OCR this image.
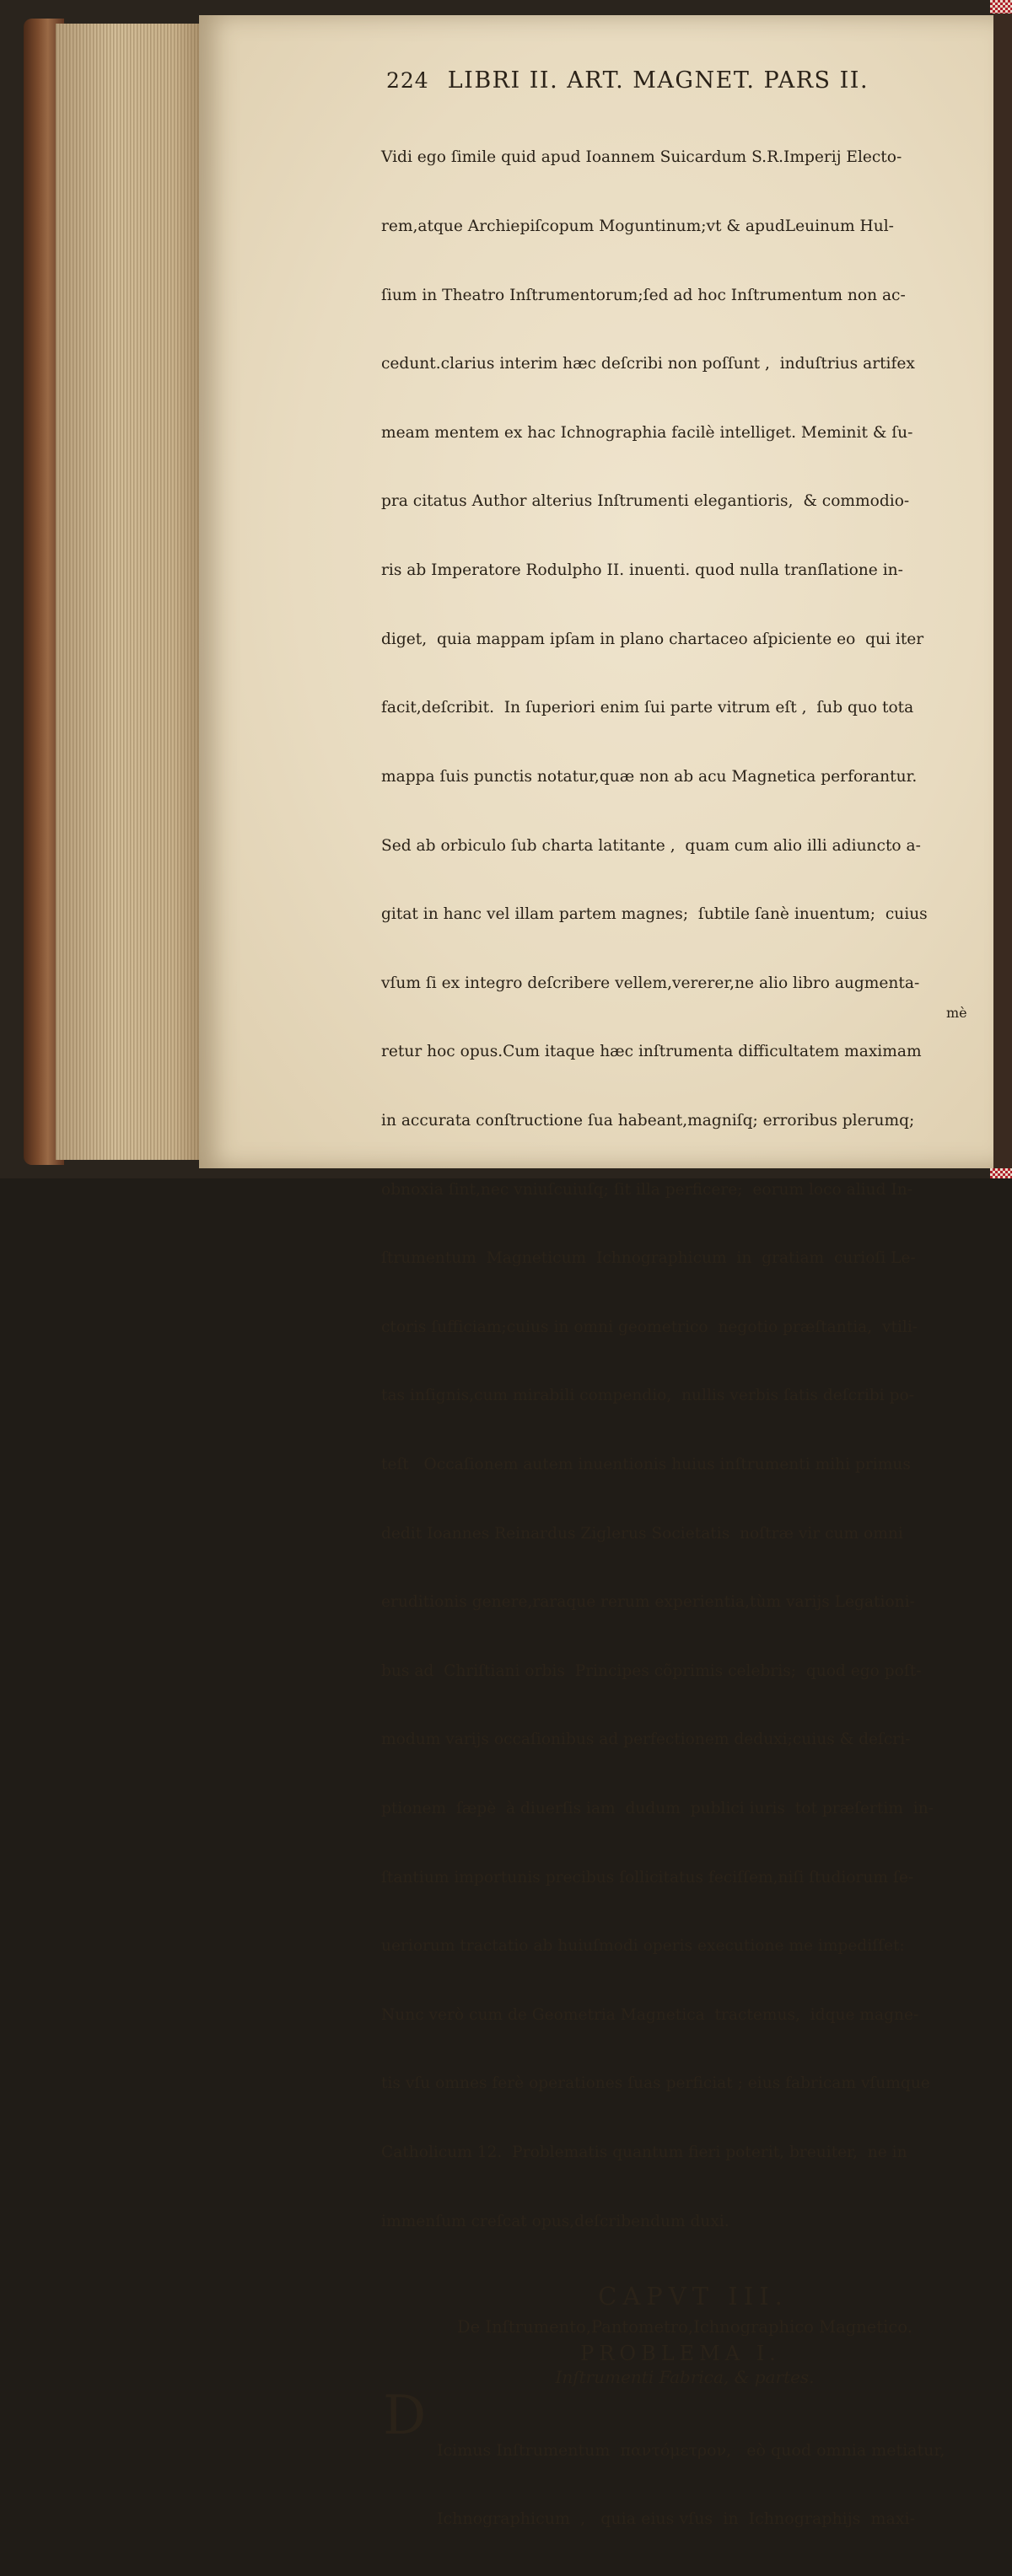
224 LIBRI II. ART. MAGNET. PARS II.

Vidi ego ſimile quid apud Ioannem Suicardum S.R.Imperij Electo-

rem,atque Archiepiſcopum Moguntinum;vt & apudLeuinum Hul-

ſium in Theatro Inſtrumentorum;ſed ad hoc Inſtrumentum non ac-

cedunt.clarius interim hæc deſcribi non poſſunt ,  induſtrius artifex

meam mentem ex hac Ichnographia facilè intelliget. Meminit & ſu-

pra citatus Author alterius Inſtrumenti elegantioris,  & commodio-

ris ab Imperatore Rodulpho II. inuenti. quod nulla tranſlatione in-

diget,  quia mappam ipſam in plano chartaceo aſpiciente eo  qui iter

facit,deſcribit.  In ſuperiori enim ſui parte vitrum eſt ,  ſub quo tota

mappa ſuis punctis notatur,quæ non ab acu Magnetica perforantur.

Sed ab orbiculo ſub charta latitante ,  quam cum alio illi adiuncto a-

gitat in hanc vel illam partem magnes;  ſubtile ſanè inuentum;  cuius

vſum ſi ex integro deſcribere vellem,vererer,ne alio libro augmenta-

retur hoc opus.Cum itaque hæc inſtrumenta difficultatem maximam

in accurata conſtructione ſua habeant,magniſq; erroribus plerumq;

obnoxia ſint,nec vniuſcuiuſq; ſit illa perficere;  eorum loco aliud In-

ſtrumentum  Magneticum  Ichnographicum  in  gratiam  curioſi Le-

ctoris ſufficiam;cuius in omni geometrico  negotio præſtantia,  vtili-

tas inſignis,cum mirabili compendio,  nullis verbis ſatis deſcribi po-

teſt   Occaſionem autem inuentionis huius inſtrumenti mihi primus

dedit Ioannes Reinardus Ziglerus Societatis  noſtræ vir cum omni

eruditionis genere,raraque rerum experientia,tùm varijs Legationi-

bus ad  Chriſtiani orbis  Principes cõprimis celebris;  quod ego poſt-

modum varijs occaſionibus ad perfectionem deduxi;cuius & deſcri-

ptionem  ſæpè  à diuerſis iam  dudum  publici iuris  tot præſertim  in-

ſtantium importunis precibus ſollicitatus feciſſem,niſi ſtudiorum ſe-

ueriorum tractatio ab huiuſmodi operis executione me impediſſet:

Nunc verò cum de Geometria Magnetica  tractemus,  idque magne-

tis vſu omnes ferè operationes ſuas perficiat ; eius fabricam vſumque

Catholicum 12.  Problematis quantum fieri poterit, breuiter,  ne in

immenſum creſcat opus,deſcribendum duxi.

CAPVT III.
De Inſtrumento,Pantometro,Ichnographico Magnetico.
PROBLEMA I.
Inſtrumenti Fabrica, & partes.
D

Icimus Inſtrumentum  παντόμετρον,   eò quod omnia metiatur,

Ichnographicum  ,   quia eius vſus  in  Ichnographijs  maxi-

mè
